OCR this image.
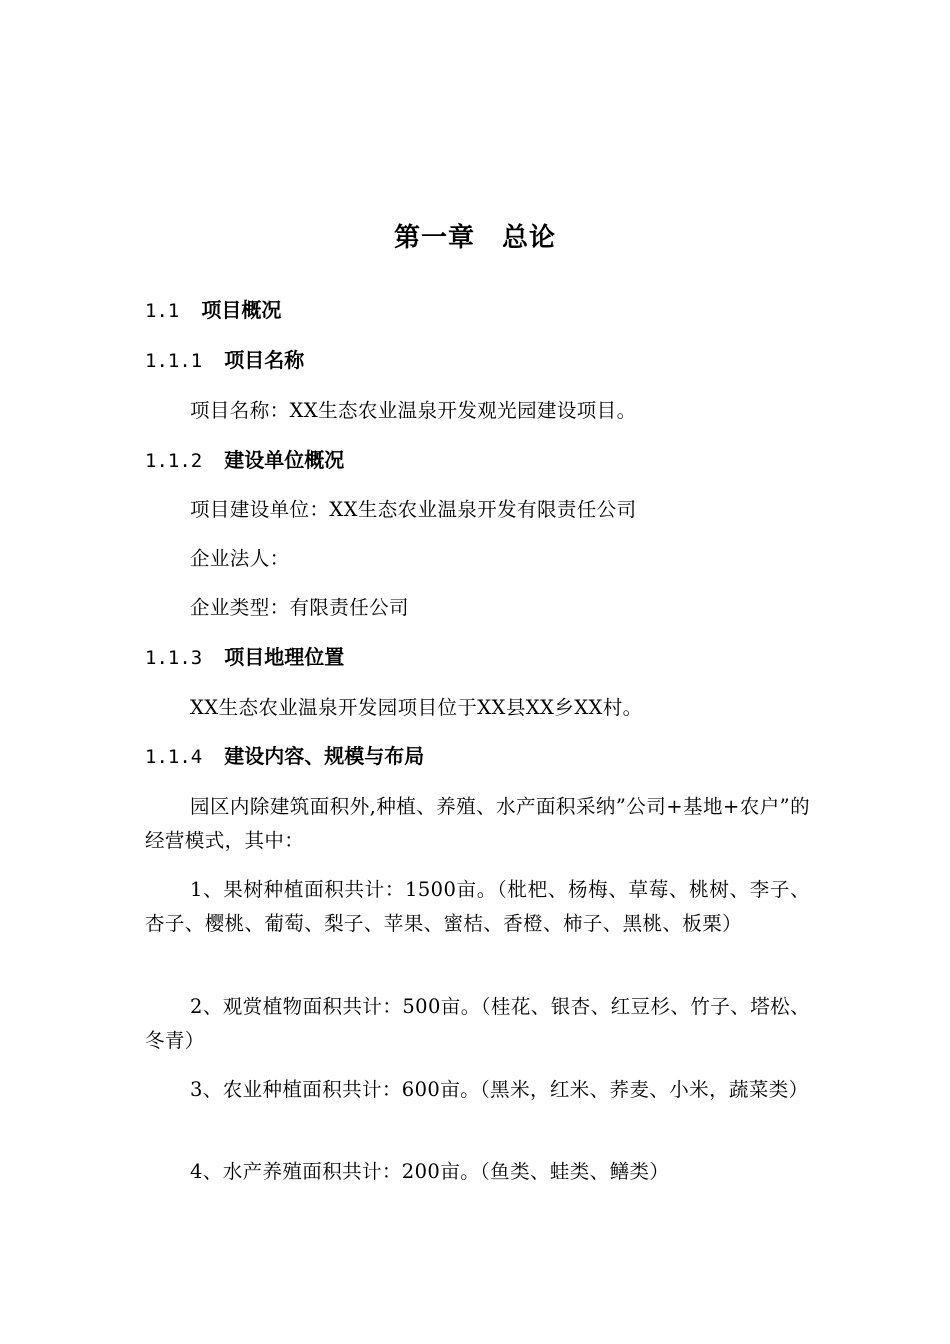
第一章　总论
1.1 项目概况
1.1.1 项目名称
项目名称：XX生态农业温泉开发观光园建设项目。
1.1.2 建设单位概况
项目建设单位：XX生态农业温泉开发有限责任公司
企业法人：
企业类型：有限责任公司
1.1.3 项目地理位置
XX生态农业温泉开发园项目位于XX县XX乡XX村。
1.1.4 建设内容、规模与布局
园区内除建筑面积外,种植、养殖、水产面积采纳”公司+基地+农户”的经营模式，其中：
1、果树种植面积共计：1500亩。（枇杷、杨梅、草莓、桃树、李子、杏子、樱桃、葡萄、梨子、苹果、蜜桔、香橙、柿子、黑桃、板栗）
2、观赏植物面积共计：500亩。（桂花、银杏、红豆杉、竹子、塔松、冬青）
3、农业种植面积共计：600亩。（黑米，红米、荞麦、小米，蔬菜类）
4、水产养殖面积共计：200亩。（鱼类、蛙类、鳝类）
